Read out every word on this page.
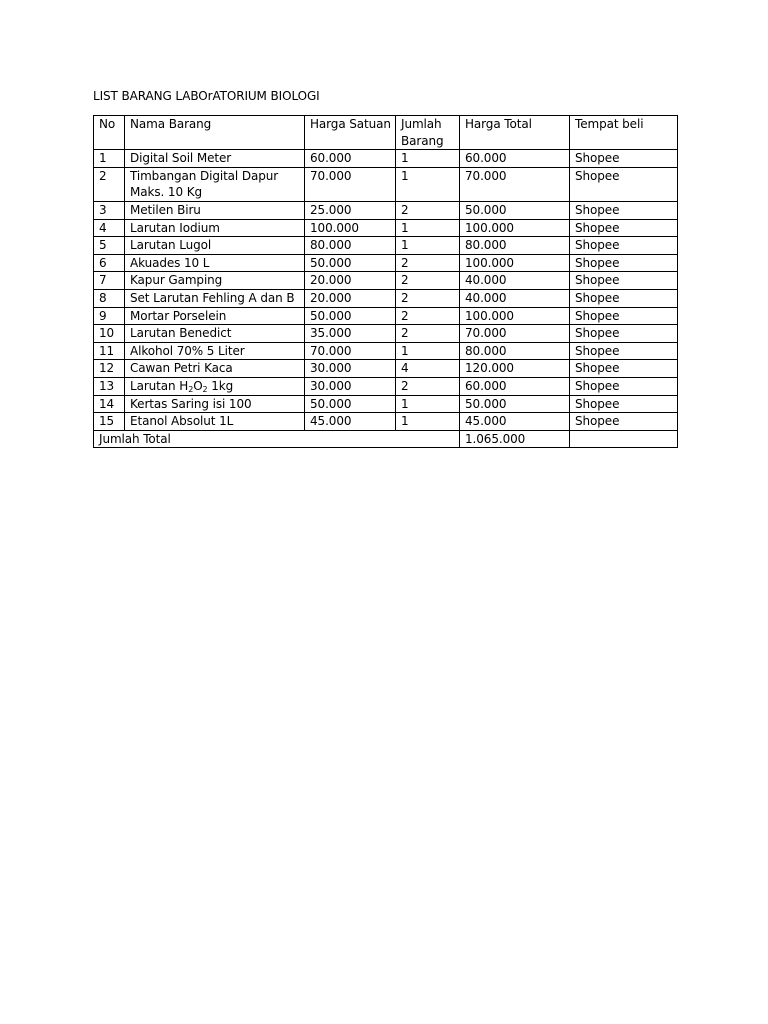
LIST BARANG LABOrATORIUM BIOLOGI
No	Nama Barang	Harga Satuan	Jumlah Barang	Harga Total	Tempat beli
1	Digital Soil Meter	60.000	1	60.000	Shopee
2	Timbangan Digital Dapur Maks. 10 Kg	70.000	1	70.000	Shopee
3	Metilen Biru	25.000	2	50.000	Shopee
4	Larutan Iodium	100.000	1	100.000	Shopee
5	Larutan Lugol	80.000	1	80.000	Shopee
6	Akuades 10 L	50.000	2	100.000	Shopee
7	Kapur Gamping	20.000	2	40.000	Shopee
8	Set Larutan Fehling A dan B	20.000	2	40.000	Shopee
9	Mortar Porselein	50.000	2	100.000	Shopee
10	Larutan Benedict	35.000	2	70.000	Shopee
11	Alkohol 70% 5 Liter	70.000	1	80.000	Shopee
12	Cawan Petri Kaca	30.000	4	120.000	Shopee
13	Larutan $H_2O_2$ 1kg	30.000	2	60.000	Shopee
14	Kertas Saring isi 100	50.000	1	50.000	Shopee
15	Etanol Absolut 1L	45.000	1	45.000	Shopee
Jumlah Total				1.065.000	
